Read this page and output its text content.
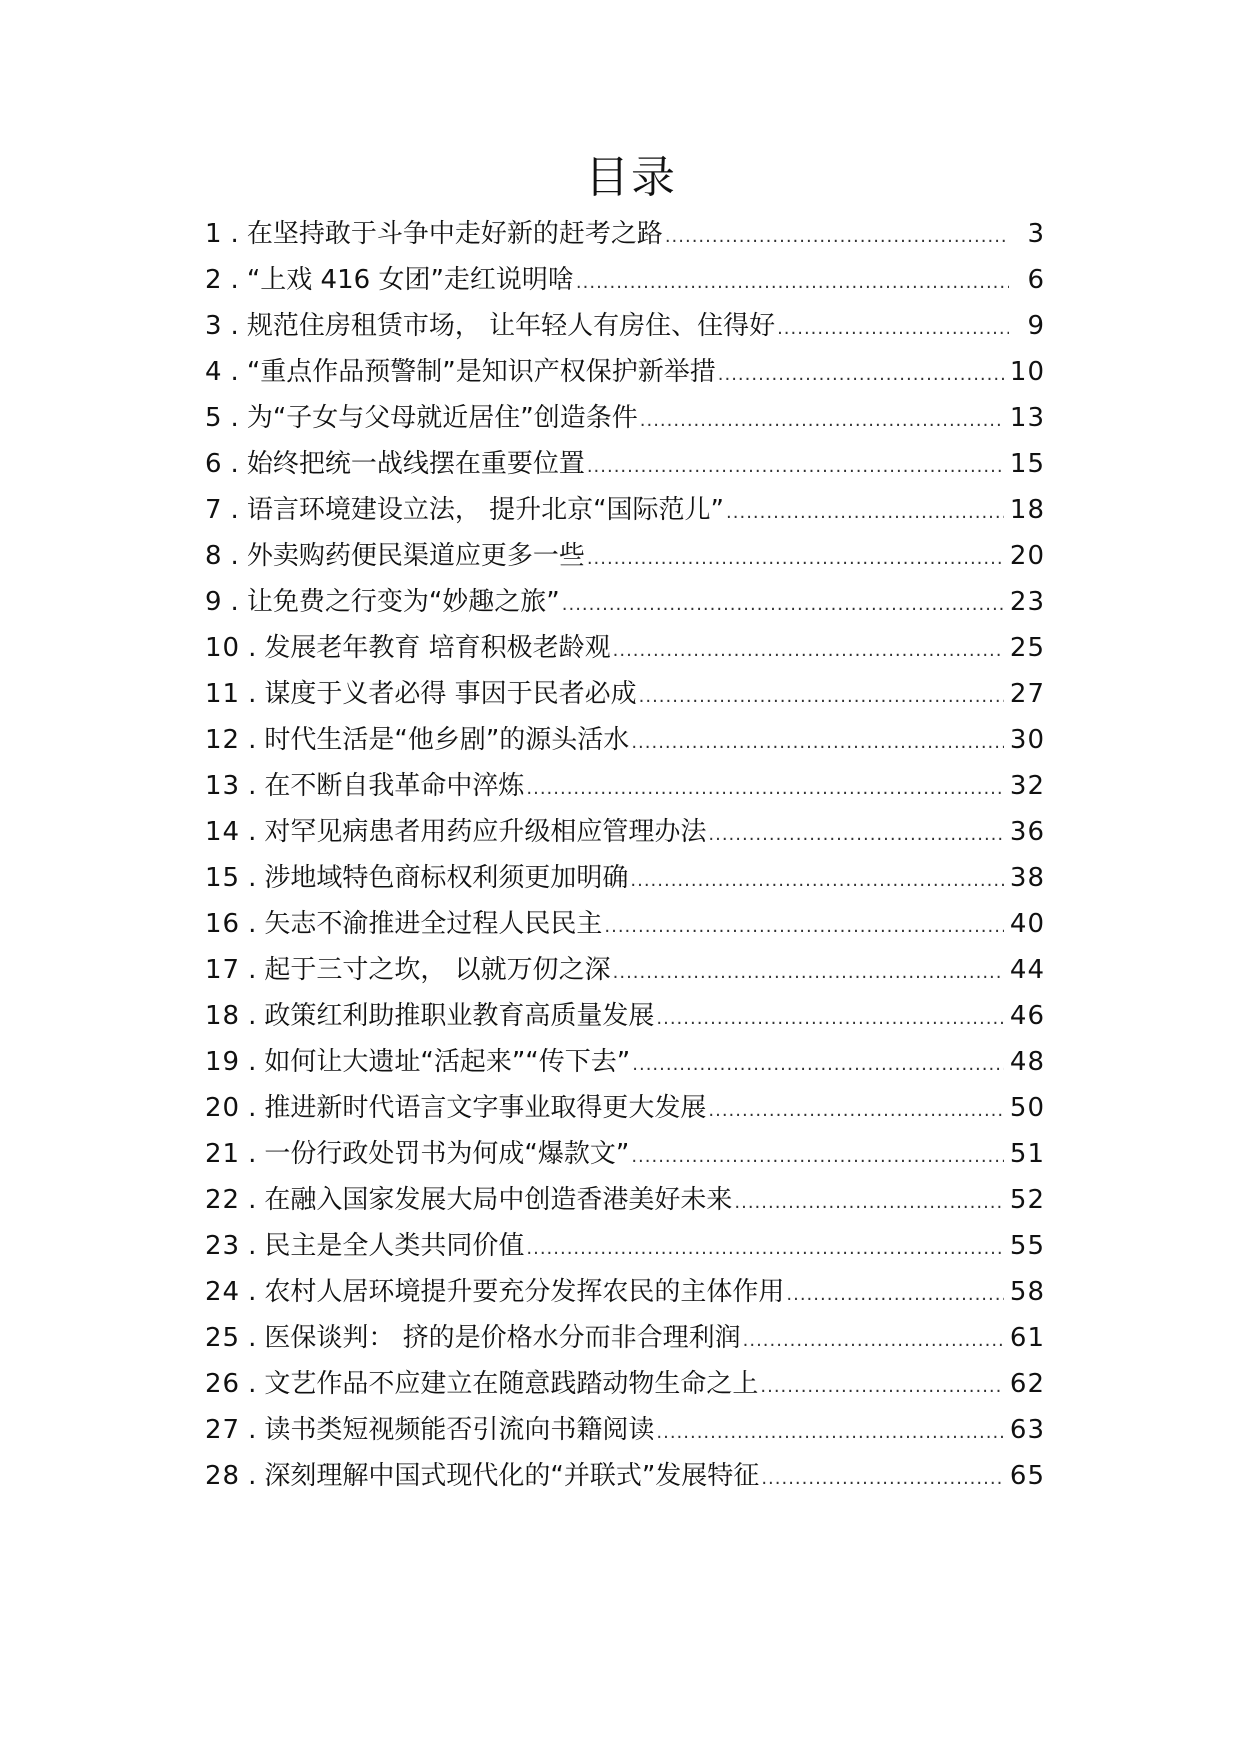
目录
1 . 在坚持敢于斗争中走好新的赶考之路 .....	3
2 . “上戏 416 女团”走红说明啥 .....	6
3 . 规范住房租赁市场， 让年轻人有房住、住得好 .....	9
4 . “重点作品预警制”是知识产权保护新举措 .....	10
5 . 为“子女与父母就近居住”创造条件 .....	13
6 . 始终把统一战线摆在重要位置 .....	15
7 . 语言环境建设立法， 提升北京“国际范儿” .....	18
8 . 外卖购药便民渠道应更多一些 .....	20
9 . 让免费之行变为“妙趣之旅” .....	23
10 . 发展老年教育 培育积极老龄观 .....	25
11 . 谋度于义者必得 事因于民者必成 .....	27
12 . 时代生活是“他乡剧”的源头活水 .....	30
13 . 在不断自我革命中淬炼 .....	32
14 . 对罕见病患者用药应升级相应管理办法 .....	36
15 . 涉地域特色商标权利须更加明确 .....	38
16 . 矢志不渝推进全过程人民民主 .....	40
17 . 起于三寸之坎， 以就万仞之深 .....	44
18 . 政策红利助推职业教育高质量发展 .....	46
19 . 如何让大遗址“活起来”“传下去” .....	48
20 . 推进新时代语言文字事业取得更大发展 .....	50
21 . 一份行政处罚书为何成“爆款文” .....	51
22 . 在融入国家发展大局中创造香港美好未来 .....	52
23 . 民主是全人类共同价值 .....	55
24 . 农村人居环境提升要充分发挥农民的主体作用 .....	58
25 . 医保谈判： 挤的是价格水分而非合理利润 .....	61
26 . 文艺作品不应建立在随意践踏动物生命之上 .....	62
27 . 读书类短视频能否引流向书籍阅读 .....	63
28 . 深刻理解中国式现代化的“并联式”发展特征 .....	65
